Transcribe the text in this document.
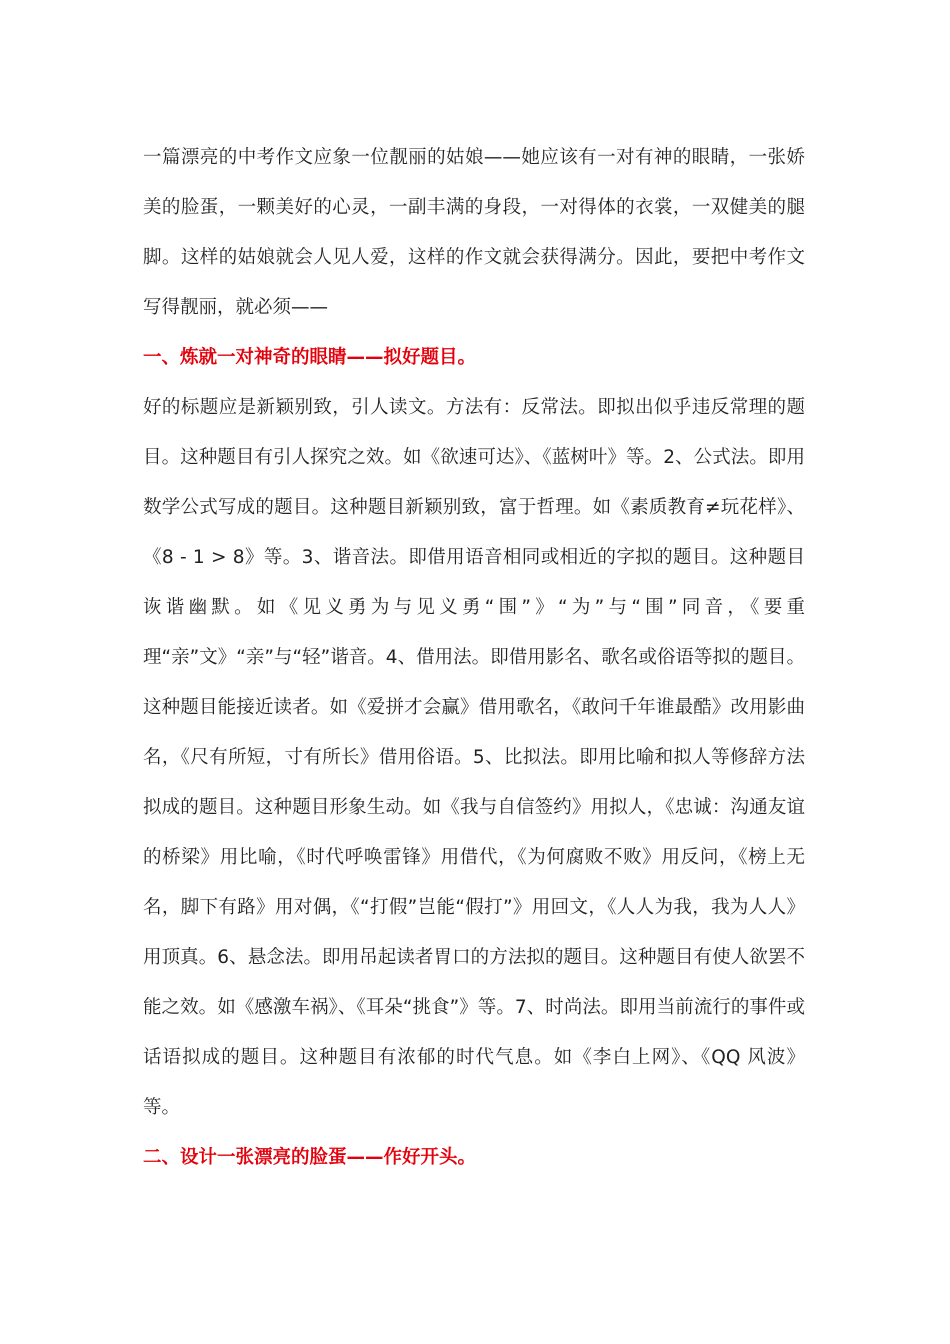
一篇漂亮的中考作文应象一位靓丽的姑娘——她应该有一对有神的眼睛，一张娇美的脸蛋，一颗美好的心灵，一副丰满的身段，一对得体的衣裳，一双健美的腿脚。这样的姑娘就会人见人爱，这样的作文就会获得满分。因此，要把中考作文写得靓丽，就必须——

一、炼就一对神奇的眼睛——拟好题目。

好的标题应是新颖别致，引人读文。方法有：反常法。即拟出似乎违反常理的题目。这种题目有引人探究之效。如《欲速可达》、《蓝树叶》等。2、公式法。即用数学公式写成的题目。这种题目新颖别致，富于哲理。如《素质教育≠玩花样》、《8 - 1 > 8》等。3、谐音法。即借用语音相同或相近的字拟的题目。这种题目诙谐幽默。如《见义勇为与见义勇“围”》“为”与“围”同音，《要重理“亲”文》“亲”与“轻”谐音。4、借用法。即借用影名、歌名或俗语等拟的题目。这种题目能接近读者。如《爱拼才会赢》借用歌名，《敢问千年谁最酷》改用影曲名，《尺有所短，寸有所长》借用俗语。5、比拟法。即用比喻和拟人等修辞方法拟成的题目。这种题目形象生动。如《我与自信签约》用拟人，《忠诚：沟通友谊的桥梁》用比喻，《时代呼唤雷锋》用借代，《为何腐败不败》用反问，《榜上无名，脚下有路》用对偶，《“打假”岂能“假打”》用回文，《人人为我，我为人人》用顶真。6、悬念法。即用吊起读者胃口的方法拟的题目。这种题目有使人欲罢不能之效。如《感激车祸》、《耳朵“挑食”》等。7、时尚法。即用当前流行的事件或话语拟成的题目。这种题目有浓郁的时代气息。如《李白上网》、《QQ 风波》等。

二、设计一张漂亮的脸蛋——作好开头。
